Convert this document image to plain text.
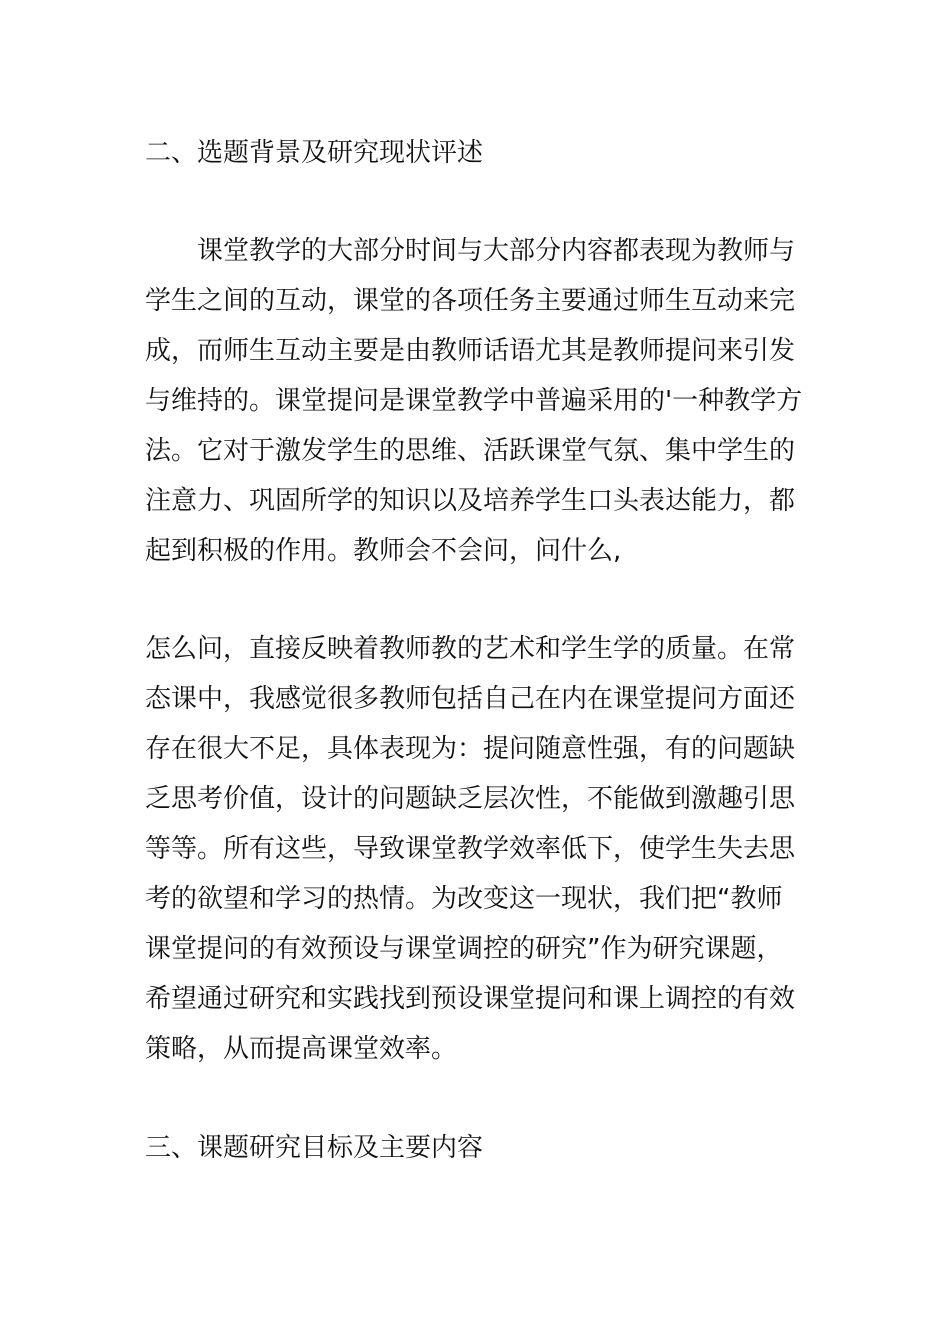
二、选题背景及研究现状评述
课堂教学的大部分时间与大部分内容都表现为教师与
学生之间的互动，课堂的各项任务主要通过师生互动来完
成，而师生互动主要是由教师话语尤其是教师提问来引发
与维持的。课堂提问是课堂教学中普遍采用的'一种教学方
法。它对于激发学生的思维、活跃课堂气氛、集中学生的
注意力、巩固所学的知识以及培养学生口头表达能力，都
起到积极的作用。教师会不会问，问什么,
怎么问，直接反映着教师教的艺术和学生学的质量。在常
态课中，我感觉很多教师包括自己在内在课堂提问方面还
存在很大不足，具体表现为：提问随意性强，有的问题缺
乏思考价值，设计的问题缺乏层次性，不能做到激趣引思
等等。所有这些，导致课堂教学效率低下，使学生失去思
考的欲望和学习的热情。为改变这一现状，我们把“教师
课堂提问的有效预设与课堂调控的研究”作为研究课题，
希望通过研究和实践找到预设课堂提问和课上调控的有效
策略，从而提高课堂效率。
三、课题研究目标及主要内容
